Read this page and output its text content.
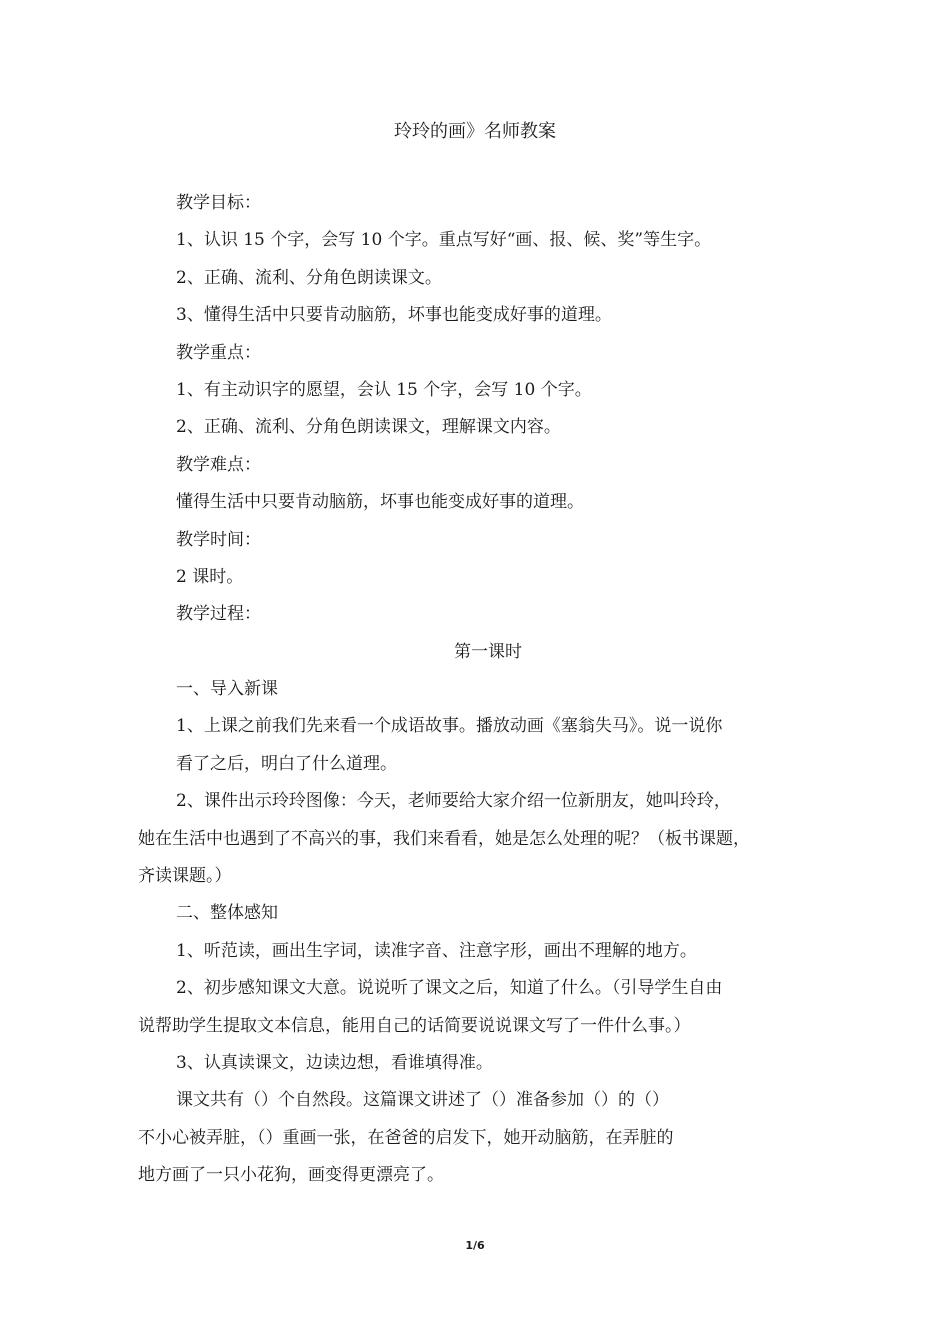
玲玲的画》名师教案
教学目标：
1、认识 15 个字，会写 10 个字。重点写好“画、报、候、奖”等生字。
2、正确、流利、分角色朗读课文。
3、懂得生活中只要肯动脑筋，坏事也能变成好事的道理。
教学重点：
1、有主动识字的愿望，会认 15 个字，会写 10 个字。
2、正确、流利、分角色朗读课文，理解课文内容。
教学难点：
懂得生活中只要肯动脑筋，坏事也能变成好事的道理。
教学时间：
2 课时。
教学过程：
第一课时
一、导入新课
1、上课之前我们先来看一个成语故事。播放动画《塞翁失马》。说一说你
看了之后，明白了什么道理。
2、课件出示玲玲图像：今天，老师要给大家介绍一位新朋友，她叫玲玲，
她在生活中也遇到了不高兴的事，我们来看看，她是怎么处理的呢？（板书课题，
齐读课题。）
二、整体感知
1、听范读，画出生字词，读准字音、注意字形，画出不理解的地方。
2、初步感知课文大意。说说听了课文之后，知道了什么。（引导学生自由
说帮助学生提取文本信息，能用自己的话简要说说课文写了一件什么事。）
3、认真读课文，边读边想，看谁填得准。
课文共有（）个自然段。这篇课文讲述了（）准备参加（）的（）
不小心被弄脏，（）重画一张，在爸爸的启发下，她开动脑筋，在弄脏的
地方画了一只小花狗，画变得更漂亮了。
1/6
